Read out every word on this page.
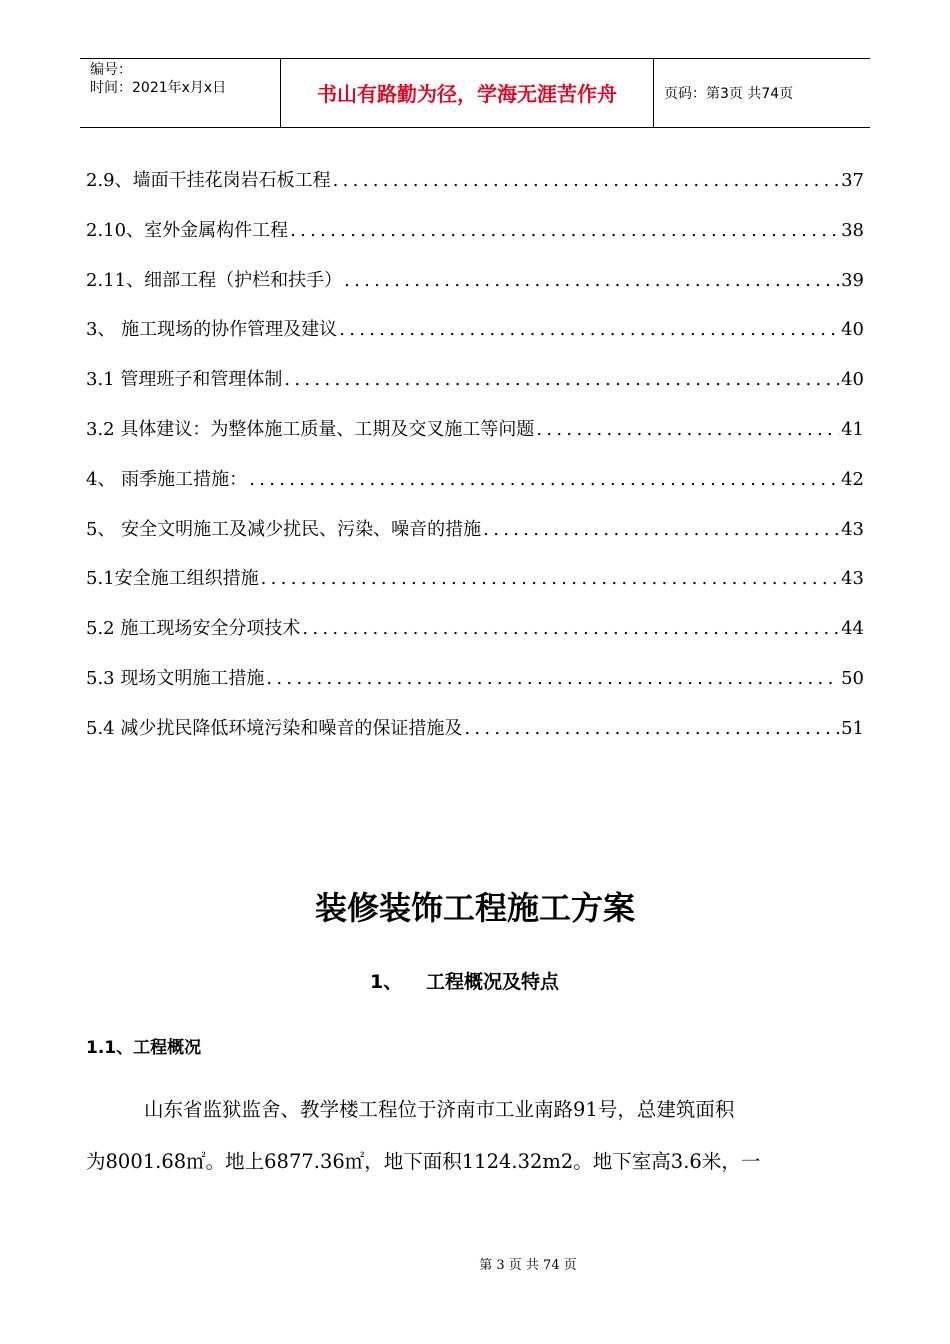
编号：
时间：2021年x月x日	书山有路勤为径，学海无涯苦作舟	页码：第3页 共74页
2.9、墙面干挂花岗岩石板工程 .....	37
2.10、室外金属构件工程 .....	38
2.11、细部工程（护栏和扶手） .....	39
3、 施工现场的协作管理及建议 .....	40
3.1 管理班子和管理体制 .....	40
3.2 具体建议：为整体施工质量、工期及交叉施工等问题 .....	41
4、 雨季施工措施： .....	42
5、 安全文明施工及减少扰民、污染、噪音的措施 .....	43
5.1安全施工组织措施 .....	43
5.2 施工现场安全分项技术 .....	44
5.3 现场文明施工措施 .....	50
5.4 减少扰民降低环境污染和噪音的保证措施及 .....	51
装修装饰工程施工方案
1、 工程概况及特点
1.1、工程概况
山东省监狱监舍、教学楼工程位于济南市工业南路91号，总建筑面积
为8001.68㎡。地上6877.36㎡，地下面积1124.32m2。地下室高3.6米，一
第 3 页 共 74 页
